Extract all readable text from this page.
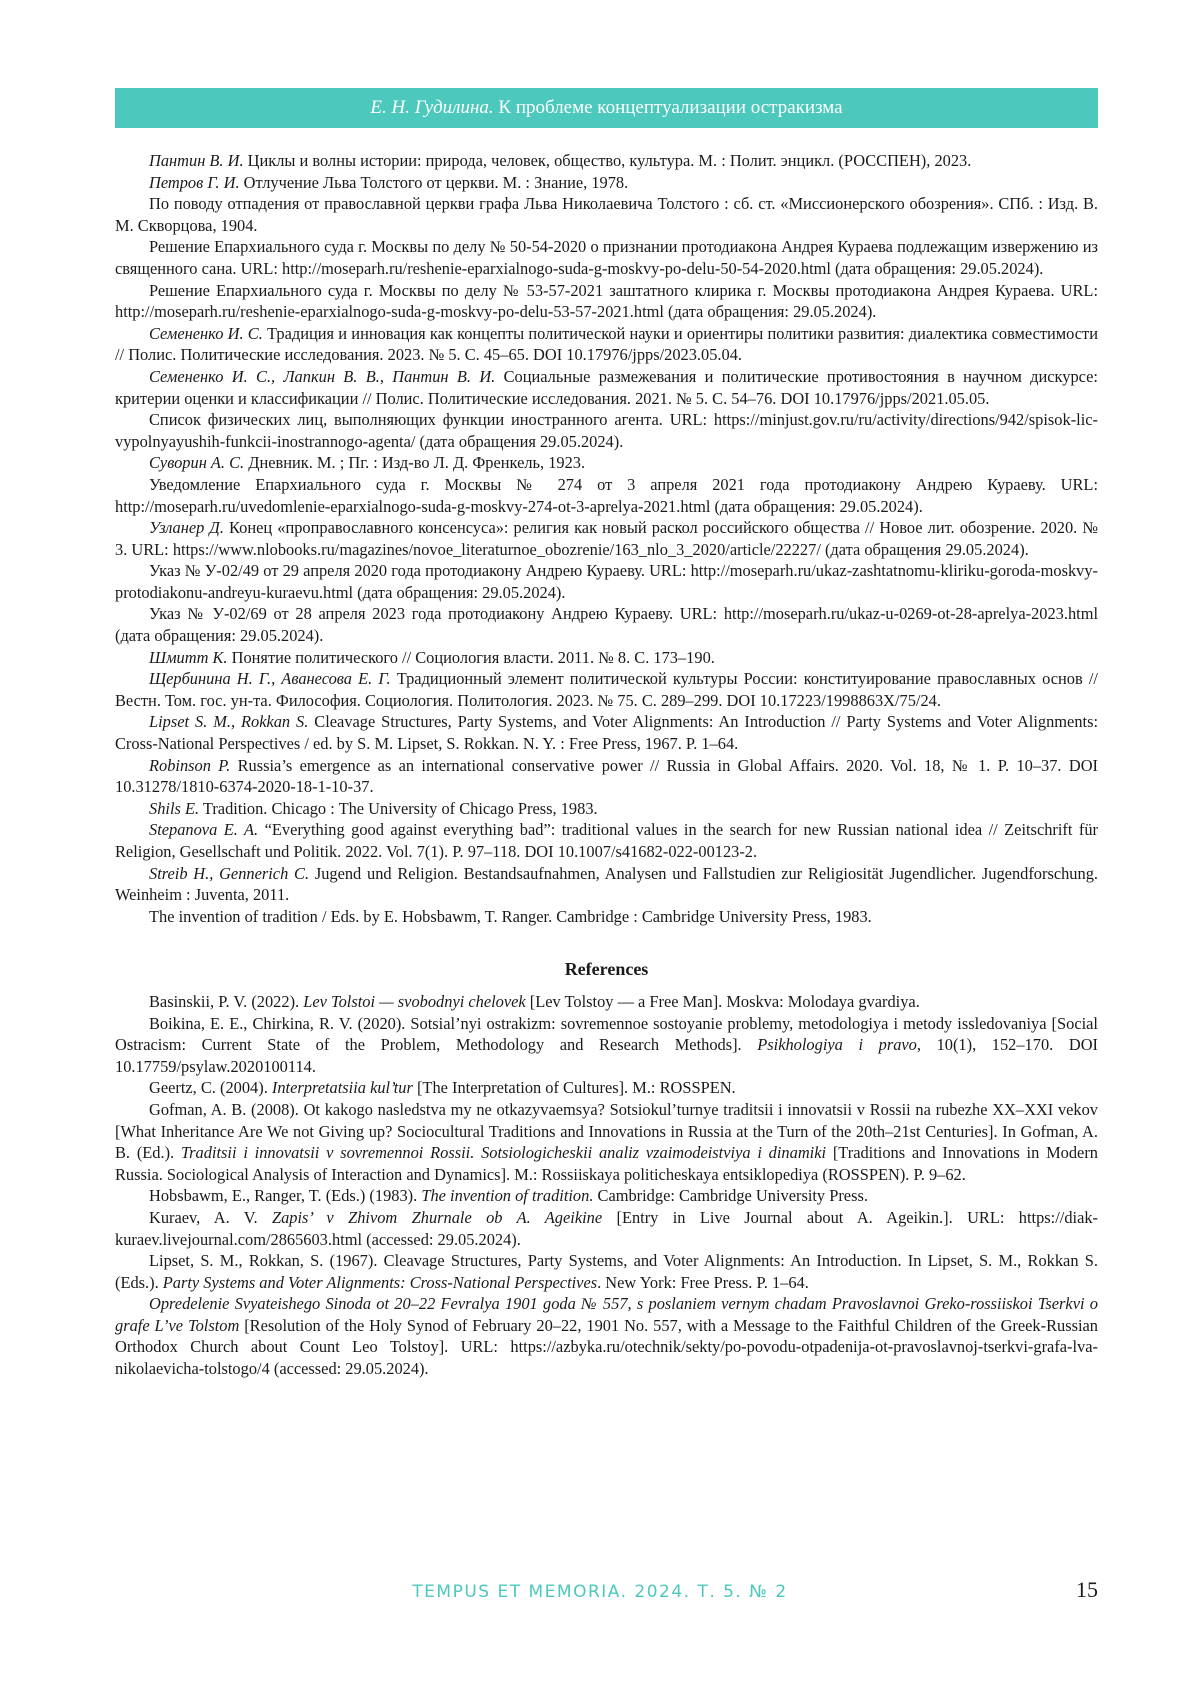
Е. Н. Гудилина.
К проблеме концептуализации остракизма

Пантин В. И. Циклы и волны истории: природа, человек, общество, культура. М. : Полит. энцикл. (РОССПЕН), 2023.

Петров Г. И. Отлучение Льва Толстого от церкви. М. : Знание, 1978.

По поводу отпадения от православной церкви графа Льва Николаевича Толстого : сб. ст. «Миссионерского обозрения». СПб. : Изд. В. М. Скворцова, 1904.

Решение Епархиального суда г. Москвы по делу № 50-54-2020 о признании протодиакона Андрея Кураева подлежащим извержению из священного сана. URL: http://moseparh.ru/reshenie-eparxialnogo-suda-g-moskvy-po-delu-50-54-2020.html (дата обращения: 29.05.2024).

Решение Епархиального суда г. Москвы по делу № 53-57-2021 заштатного клирика г. Москвы протодиакона Андрея Кураева. URL: http://moseparh.ru/reshenie-eparxialnogo-suda-g-moskvy-po-delu-53-57-2021.html (дата обращения: 29.05.2024).

Семененко И. С. Традиция и инновация как концепты политической науки и ориентиры политики развития: диалектика совместимости // Полис. Политические исследования. 2023. № 5. С. 45–65. DOI 10.17976/jpps/2023.05.04.

Семененко И. С., Лапкин В. В., Пантин В. И. Социальные размежевания и политические противостояния в научном дискурсе: критерии оценки и классификации // Полис. Политические исследования. 2021. № 5. С. 54–76. DOI 10.17976/jpps/2021.05.05.

Список физических лиц, выполняющих функции иностранного агента. URL: https://minjust.gov.ru/ru/activity/directions/942/spisok-lic-vypolnyayushih-funkcii-inostrannogo-agenta/ (дата обращения 29.05.2024).

Суворин А. С. Дневник. М. ; Пг. : Изд-во Л. Д. Френкель, 1923.

Уведомление Епархиального суда г. Москвы № 274 от 3 апреля 2021 года протодиакону Андрею Кураеву. URL: http://moseparh.ru/uvedomlenie-eparxialnogo-suda-g-moskvy-274-ot-3-aprelya-2021.html (дата обращения: 29.05.2024).

Узланер Д. Конец «проправославного консенсуса»: религия как новый раскол российского общества // Новое лит. обозрение. 2020. № 3. URL: https://www.nlobooks.ru/magazines/novoe_literaturnoe_obozrenie/163_nlo_3_2020/article/22227/ (дата обращения 29.05.2024).

Указ № У-02/49 от 29 апреля 2020 года протодиакону Андрею Кураеву. URL: http://moseparh.ru/ukaz-zashtatnomu-kliriku-goroda-moskvy-protodiakonu-andreyu-kuraevu.html (дата обращения: 29.05.2024).

Указ № У-02/69 от 28 апреля 2023 года протодиакону Андрею Кураеву. URL: http://moseparh.ru/ukaz-u-0269-ot-28-aprelya-2023.html (дата обращения: 29.05.2024).

Шмитт К. Понятие политического // Социология власти. 2011. № 8. С. 173–190.

Щербинина Н. Г., Аванесова Е. Г. Традиционный элемент политической культуры России: конституирование православных основ // Вестн. Том. гос. ун-та. Философия. Социология. Политология. 2023. № 75. С. 289–299. DOI 10.17223/1998863X/75/24.

Lipset S. M., Rokkan S. Cleavage Structures, Party Systems, and Voter Alignments: An Introduction // Party Systems and Voter Alignments: Cross-National Perspectives / ed. by S. M. Lipset, S. Rokkan. N. Y. : Free Press, 1967. P. 1–64.

Robinson P. Russia’s emergence as an international conservative power // Russia in Global Affairs. 2020. Vol. 18, № 1. P. 10–37. DOI 10.31278/1810-6374-2020-18-1-10-37.

Shils E. Tradition. Chicago : The University of Chicago Press, 1983.

Stepanova E. A. “Everything good against everything bad”: traditional values in the search for new Russian national idea // Zeitschrift für Religion, Gesellschaft und Politik. 2022. Vol. 7(1). P. 97–118. DOI 10.1007/s41682-022-00123-2.

Streib H., Gennerich C. Jugend und Religion. Bestandsaufnahmen, Analysen und Fallstudien zur Religiosität Jugendlicher. Jugendforschung. Weinheim : Juventa, 2011.

The invention of tradition / Eds. by E. Hobsbawm, T. Ranger. Cambridge : Cambridge University Press, 1983.

References

Basinskii, P. V. (2022). Lev Tolstoi — svobodnyi chelovek [Lev Tolstoy — a Free Man]. Moskva: Molodaya gvardiya.

Boikina, E. E., Chirkina, R. V. (2020). Sotsial’nyi ostrakizm: sovremennoe sostoyanie problemy, metodologiya i metody issledovaniya [Social Ostracism: Current State of the Problem, Methodology and Research Methods]. Psikhologiya i pravo, 10(1), 152–170. DOI 10.17759/psylaw.2020100114.

Geertz, C. (2004). Interpretatsiia kul’tur [The Interpretation of Cultures]. M.: ROSSPEN.

Gofman, A. B. (2008). Ot kakogo nasledstva my ne otkazyvaemsya? Sotsiokul’turnye traditsii i innovatsii v Rossii na rubezhe XX–XXI vekov [What Inheritance Are We not Giving up? Sociocultural Traditions and Innovations in Russia at the Turn of the 20th–21st Centuries]. In Gofman, A. B. (Ed.). Traditsii i innovatsii v sovremennoi Rossii. Sotsiologicheskii analiz vzaimodeistviya i dinamiki [Traditions and Innovations in Modern Russia. Sociological Analysis of Interaction and Dynamics]. M.: Rossiiskaya politicheskaya entsiklopediya (ROSSPEN). P. 9–62.

Hobsbawm, E., Ranger, T. (Eds.) (1983). The invention of tradition. Cambridge: Cambridge University Press.

Kuraev, A. V. Zapis’ v Zhivom Zhurnale ob A. Ageikine [Entry in Live Journal about A. Ageikin.]. URL: https://diak-kuraev.livejournal.com/2865603.html (accessed: 29.05.2024).

Lipset, S. M., Rokkan, S. (1967). Cleavage Structures, Party Systems, and Voter Alignments: An Introduction. In Lipset, S. M., Rokkan S. (Eds.). Party Systems and Voter Alignments: Cross-National Perspectives. New York: Free Press. P. 1–64.

Opredelenie Svyateishego Sinoda ot 20–22 Fevralya 1901 goda № 557, s poslaniem vernym chadam Pravoslavnoi Greko-rossiiskoi Tserkvi o grafe L’ve Tolstom [Resolution of the Holy Synod of February 20–22, 1901 No. 557, with a Message to the Faithful Children of the Greek-Russian Orthodox Church about Count Leo Tolstoy]. URL: https://azbyka.ru/otechnik/sekty/po-povodu-otpadenija-ot-pravoslavnoj-tserkvi-grafa-lva-nikolaevicha-tolstogo/4 (accessed: 29.05.2024).

TEMPUS ET MEMORIA. 2024. Т. 5. № 2	15
